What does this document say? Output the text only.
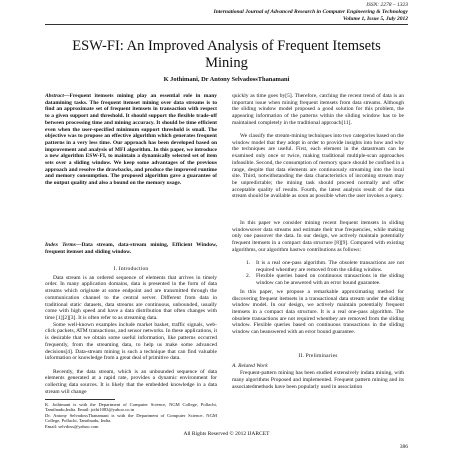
ISSN: 2278 – 1323
International Journal of Advanced Research in Computer Engineering & Technology
Volume 1, Issue 5, July 2012
ESW-FI: An Improved Analysis of Frequent Itemsets Mining
K Jothimani, Dr Antony SelvadossThanamani
Abstract—Frequent itemsets mining play an essential role in many datamining tasks. The frequent itemset mining over data streams is to find an approximate set of frequent itemsets in transaction with respect to a given support and threshold. It should support the flexible trade-off between processing time and mining accuracy. It should be time efficient even when the user-specified minimum support threshold is small. The objective was to propose an effective algorithm which generates frequent patterns in a very less time. Our approach has been developed based on improvement and analysis of MFI algorithm. In this paper, we introduce a new algorithm ESW-FI, to maintain a dynamically selected set of item sets over a sliding window. We keep some advantages of the previous approach and resolve the drawbacks, and produce the improved runtime and memory consumption. The proposed algorithm gave a guarantee of the output quality and also a bound on the memory usage.
Index Terms—Data stream, data-stream mining, Efficient Window, frequent itemset and sliding window.
I. Introduction

Data stream is an ordered sequence of elements that arrives in timely order. In many application domains, data is presented in the form of data streams which originate at some endpoint and are transmitted through the communication channel to the central server. Different from data in traditional static datasets, data streams are continuous, unbounded, usually come with high speed and have a data distribution that often changes with time [1][2][3]. It is often refer to as streaming data.

Some well-known examples include market basket, traffic signals, web-click packets, ATM transactions, and sensor networks. In these applications, it is desirable that we obtain some useful information, like patterns occurred frequently, from the streaming data, to help us make some advanced decisions[4]. Data-stream mining is such a technique that can find valuable information or knowledge from a great deal of primitive data.

Recently, the data stream, which is an unbounded sequence of data elements generated at a rapid rate, provides a dynamic environment for collecting data sources. It is likely that the embedded knowledge in a data stream will change

K. Jothimani is with the Department of Computer Science, NGM College, Pollachi, Tamilnadu,India. Email: jothi1083@yahoo.co.in
Dr. Antony SelvadossThanamani is with the Department of Computer Science, NGM College, Pollachi, Tamilnadu, India.
Email: selvdoss@yahoo.com

quickly as time goes by[5]. Therefore, catching the recent trend of data is an important issue when mining frequent itemsets from data streams. Although the sliding window model proposed a good solution for this problem, the appearing information of the patterns within the sliding window has to be maintained completely in the traditional approach[11].

We classify the stream-mining techniques into two categories based on the window model that they adopt in order to provide insights into how and why the techniques are useful. First, each element in the datastream can be examined only once or twice, making traditional multiple-scan approaches infeasible. Second, the consumption of memory space should be confined in a range, despite that data elements are continuously streaming into the local site. Third, notwithstanding the data characteristics of incoming stream may be unpredictable; the mining task should proceed normally and offer acceptable quality of results. Fourth, the latest analysis result of the data stream should be available as soon as possible when the user invokes a query.

In this paper we consider mining recent frequent itemsets in sliding windowsover data streams and estimate their true frequencies, while making only one passover the data. In our design, we actively maintain potentially frequent itemsets in a compact data structure [8][9]. Compared with existing algorithms, our algorithm hastwo contributions as follows:

1.	It is a real one-pass algorithm. The obsolete transactions are not required whenthey are removed from the sliding window.
2.	Flexible queries based on continuous transactions in the sliding window can be answered with an error bound guarantee.

In this paper, we propose a remarkable approximating method for discovering frequent itemsets in a transactional data stream under the sliding window model. In our design, we actively maintain potentially frequent itemsets in a compact data structure. It is a real one-pass algorithm. The obsolete transactions are not required whenthey are removed from the sliding window. Flexible queries based on continuous transactions in the sliding window can beanswered with an error bound guarantee.

II. Preliminaries
A. Related Work

Frequent-pattern mining has been studied extensively indata mining, with many algorithms Proposed and implemented. Frequent pattern mining and its associatedmethods have been popularly used in association

All Rights Reserved © 2012 IJARCET
386
